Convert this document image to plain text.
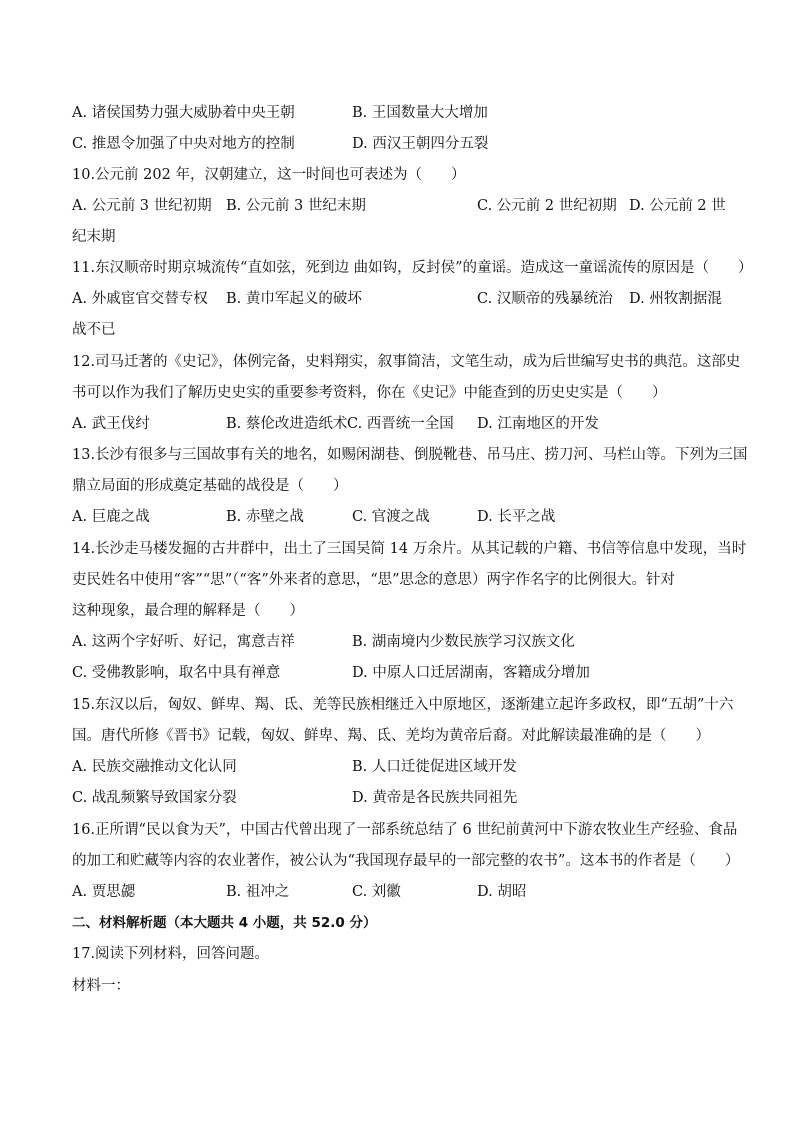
A. 诸侯国势力强大威胁着中央王朝	B. 王国数量大大增加
C. 推恩令加强了中央对地方的控制	D. 西汉王朝四分五裂
10.公元前 202 年，汉朝建立，这一时间也可表述为（　　）
A. 公元前 3 世纪初期 B. 公元前 3 世纪末期	C. 公元前 2 世纪初期 D. 公元前 2 世
纪末期
11.东汉顺帝时期京城流传“直如弦，死到边 曲如钩，反封侯”的童谣。造成这一童谣流传的原因是（　　）
A. 外戚宦官交替专权 B. 黄巾军起义的破坏	C. 汉顺帝的残暴统治 D. 州牧割据混
战不已
12.司马迁著的《史记》，体例完备，史料翔实，叙事简洁，文笔生动，成为后世编写史书的典范。这部史
书可以作为我们了解历史史实的重要参考资料，你在《史记》中能查到的历史史实是（　　）
A. 武王伐纣	B. 蔡伦改进造纸术 C. 西晋统一全国 D. 江南地区的开发
13.长沙有很多与三国故事有关的地名，如赐闲湖巷、倒脱靴巷、吊马庄、捞刀河、马栏山等。下列为三国
鼎立局面的形成奠定基础的战役是（　　）
A. 巨鹿之战	B. 赤壁之战	C. 官渡之战	D. 长平之战
14.长沙走马楼发掘的古井群中，出土了三国吴简 14 万余片。从其记载的户籍、书信等信息中发现，当时
吏民姓名中使用“客”“思”（“客”外来者的意思，“思”思念的意思）两字作名字的比例很大。针对
这种现象，最合理的解释是（　　）
A. 这两个字好听、好记，寓意吉祥	B. 湖南境内少数民族学习汉族文化
C. 受佛教影响，取名中具有禅意	D. 中原人口迁居湖南，客籍成分增加
15.东汉以后，匈奴、鲜卑、羯、氐、羌等民族相继迁入中原地区，逐渐建立起许多政权，即“五胡”十六
国。唐代所修《晋书》记载，匈奴、鲜卑、羯、氐、羌均为黄帝后裔。对此解读最准确的是（　　）
A. 民族交融推动文化认同	B. 人口迁徙促进区域开发
C. 战乱频繁导致国家分裂	D. 黄帝是各民族共同祖先
16.正所谓“民以食为天”，中国古代曾出现了一部系统总结了 6 世纪前黄河中下游农牧业生产经验、食品
的加工和贮藏等内容的农业著作，被公认为“我国现存最早的一部完整的农书”。这本书的作者是（　　）
A. 贾思勰	B. 祖冲之	C. 刘徽	D. 胡昭
二、材料解析题（本大题共 4 小题，共 52.0 分）
17.阅读下列材料，回答问题。
材料一：
